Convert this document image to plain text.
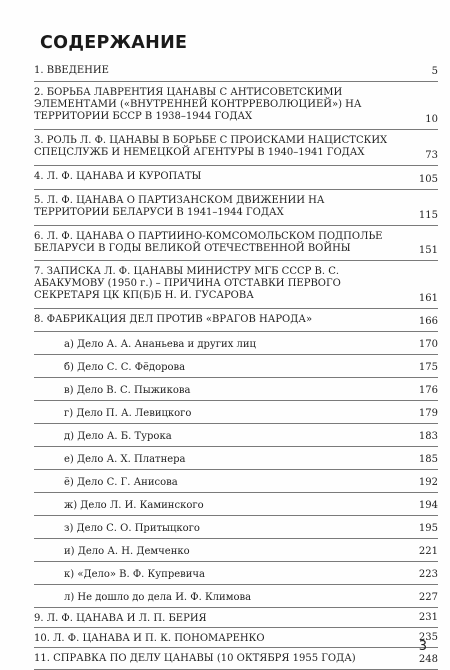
СОДЕРЖАНИЕ
1. ВВЕДЕНИЕ	5
2. БОРЬБА ЛАВРЕНТИЯ ЦАНАВЫ С АНТИСОВЕТСКИМИ ЭЛЕМЕНТАМИ («ВНУТРЕННЕЙ КОНТРРЕВОЛЮЦИЕЙ») НА ТЕРРИТОРИИ БССР В 1938–1944 ГОДАХ	10
3. РОЛЬ Л. Ф. ЦАНАВЫ В БОРЬБЕ С ПРОИСКАМИ НАЦИСТСКИХ СПЕЦСЛУЖБ И НЕМЕЦКОЙ АГЕНТУРЫ В 1940–1941 ГОДАХ	73
4. Л. Ф. ЦАНАВА И КУРОПАТЫ	105
5. Л. Ф. ЦАНАВА О ПАРТИЗАНСКОМ ДВИЖЕНИИ НА ТЕРРИТОРИИ БЕЛАРУСИ В 1941–1944 ГОДАХ	115
6. Л. Ф. ЦАНАВА О ПАРТИЙНО-КОМСОМОЛЬСКОМ ПОДПОЛЬЕ БЕЛАРУСИ В ГОДЫ ВЕЛИКОЙ ОТЕЧЕСТВЕННОЙ ВОЙНЫ	151
7. ЗАПИСКА Л. Ф. ЦАНАВЫ МИНИСТРУ МГБ СССР В. С. АБАКУМОВУ (1950 г.) – ПРИЧИНА ОТСТАВКИ ПЕРВОГО СЕКРЕТАРЯ ЦК КП(Б)Б Н. И. ГУСАРОВА	161
8. ФАБРИКАЦИЯ ДЕЛ ПРОТИВ «ВРАГОВ НАРОДА»	166
а) Дело А. А. Ананьева и других лиц	170
б) Дело С. С. Фёдорова	175
в) Дело В. С. Пыжикова	176
г) Дело П. А. Левицкого	179
д) Дело А. Б. Турока	183
е) Дело А. Х. Платнера	185
ё) Дело С. Г. Анисова	192
ж) Дело Л. И. Каминского	194
з) Дело С. О. Притыцкого	195
и) Дело А. Н. Демченко	221
к) «Дело» В. Ф. Купревича	223
л) Не дошло до дела И. Ф. Климова	227
9. Л. Ф. ЦАНАВА И Л. П. БЕРИЯ	231
10. Л. Ф. ЦАНАВА И П. К. ПОНОМАРЕНКО	235
11. СПРАВКА ПО ДЕЛУ ЦАНАВЫ (10 ОКТЯБРЯ 1955 ГОДА)	248
3
